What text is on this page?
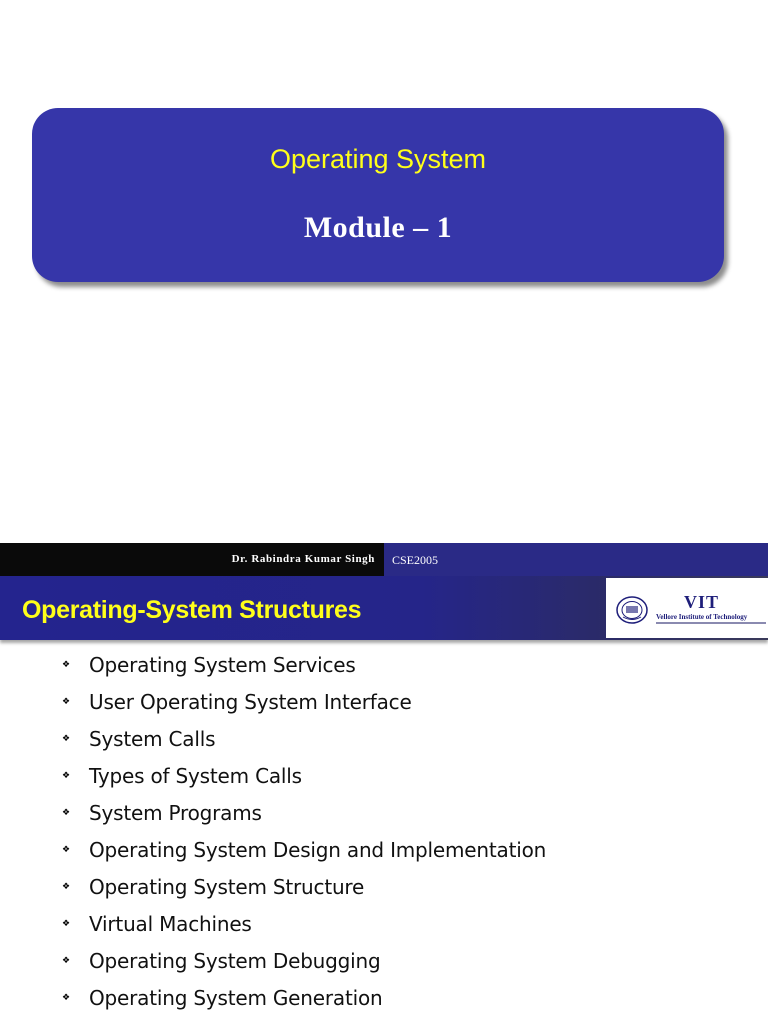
Operating System
Module – 1
Dr. Rabindra Kumar Singh CSE2005
Operating-System Structures	VIT
Vellore Institute of Technology
❖ Operating System Services
❖ User Operating System Interface
❖ System Calls
❖ Types of System Calls
❖ System Programs
❖ Operating System Design and Implementation
❖ Operating System Structure
❖ Virtual Machines
❖ Operating System Debugging
❖ Operating System Generation
